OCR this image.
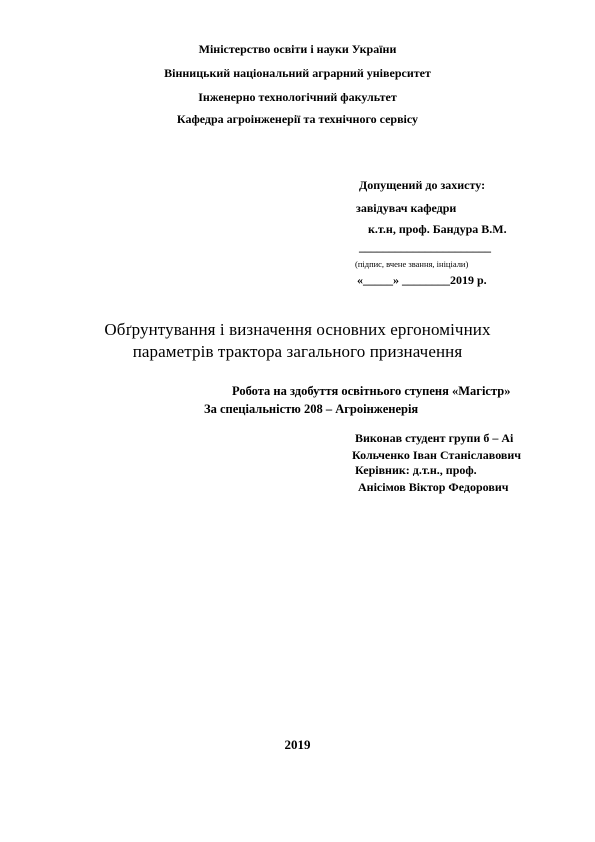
Міністерство освіти і науки України
Вінницький національний аграрний університет
Інженерно технологічний факультет
Кафедра агроінженерії та технічного сервісу
Допущений до захисту:
завідувач кафедри
к.т.н, проф. Бандура В.М.
______________________
(підпис, вчене звання, ініціали)
«_____» ________2019 р.
Обґрунтування і визначення основних ергономічних
параметрів трактора загального призначення
Робота на здобуття освітнього ступеня «Магістр»
За спеціальністю 208 – Агроінженерія
Виконав студент групи б – Аі
Кольченко Іван Станіславович
Керівник: д.т.н., проф.
Анісімов Віктор Федорович
2019
